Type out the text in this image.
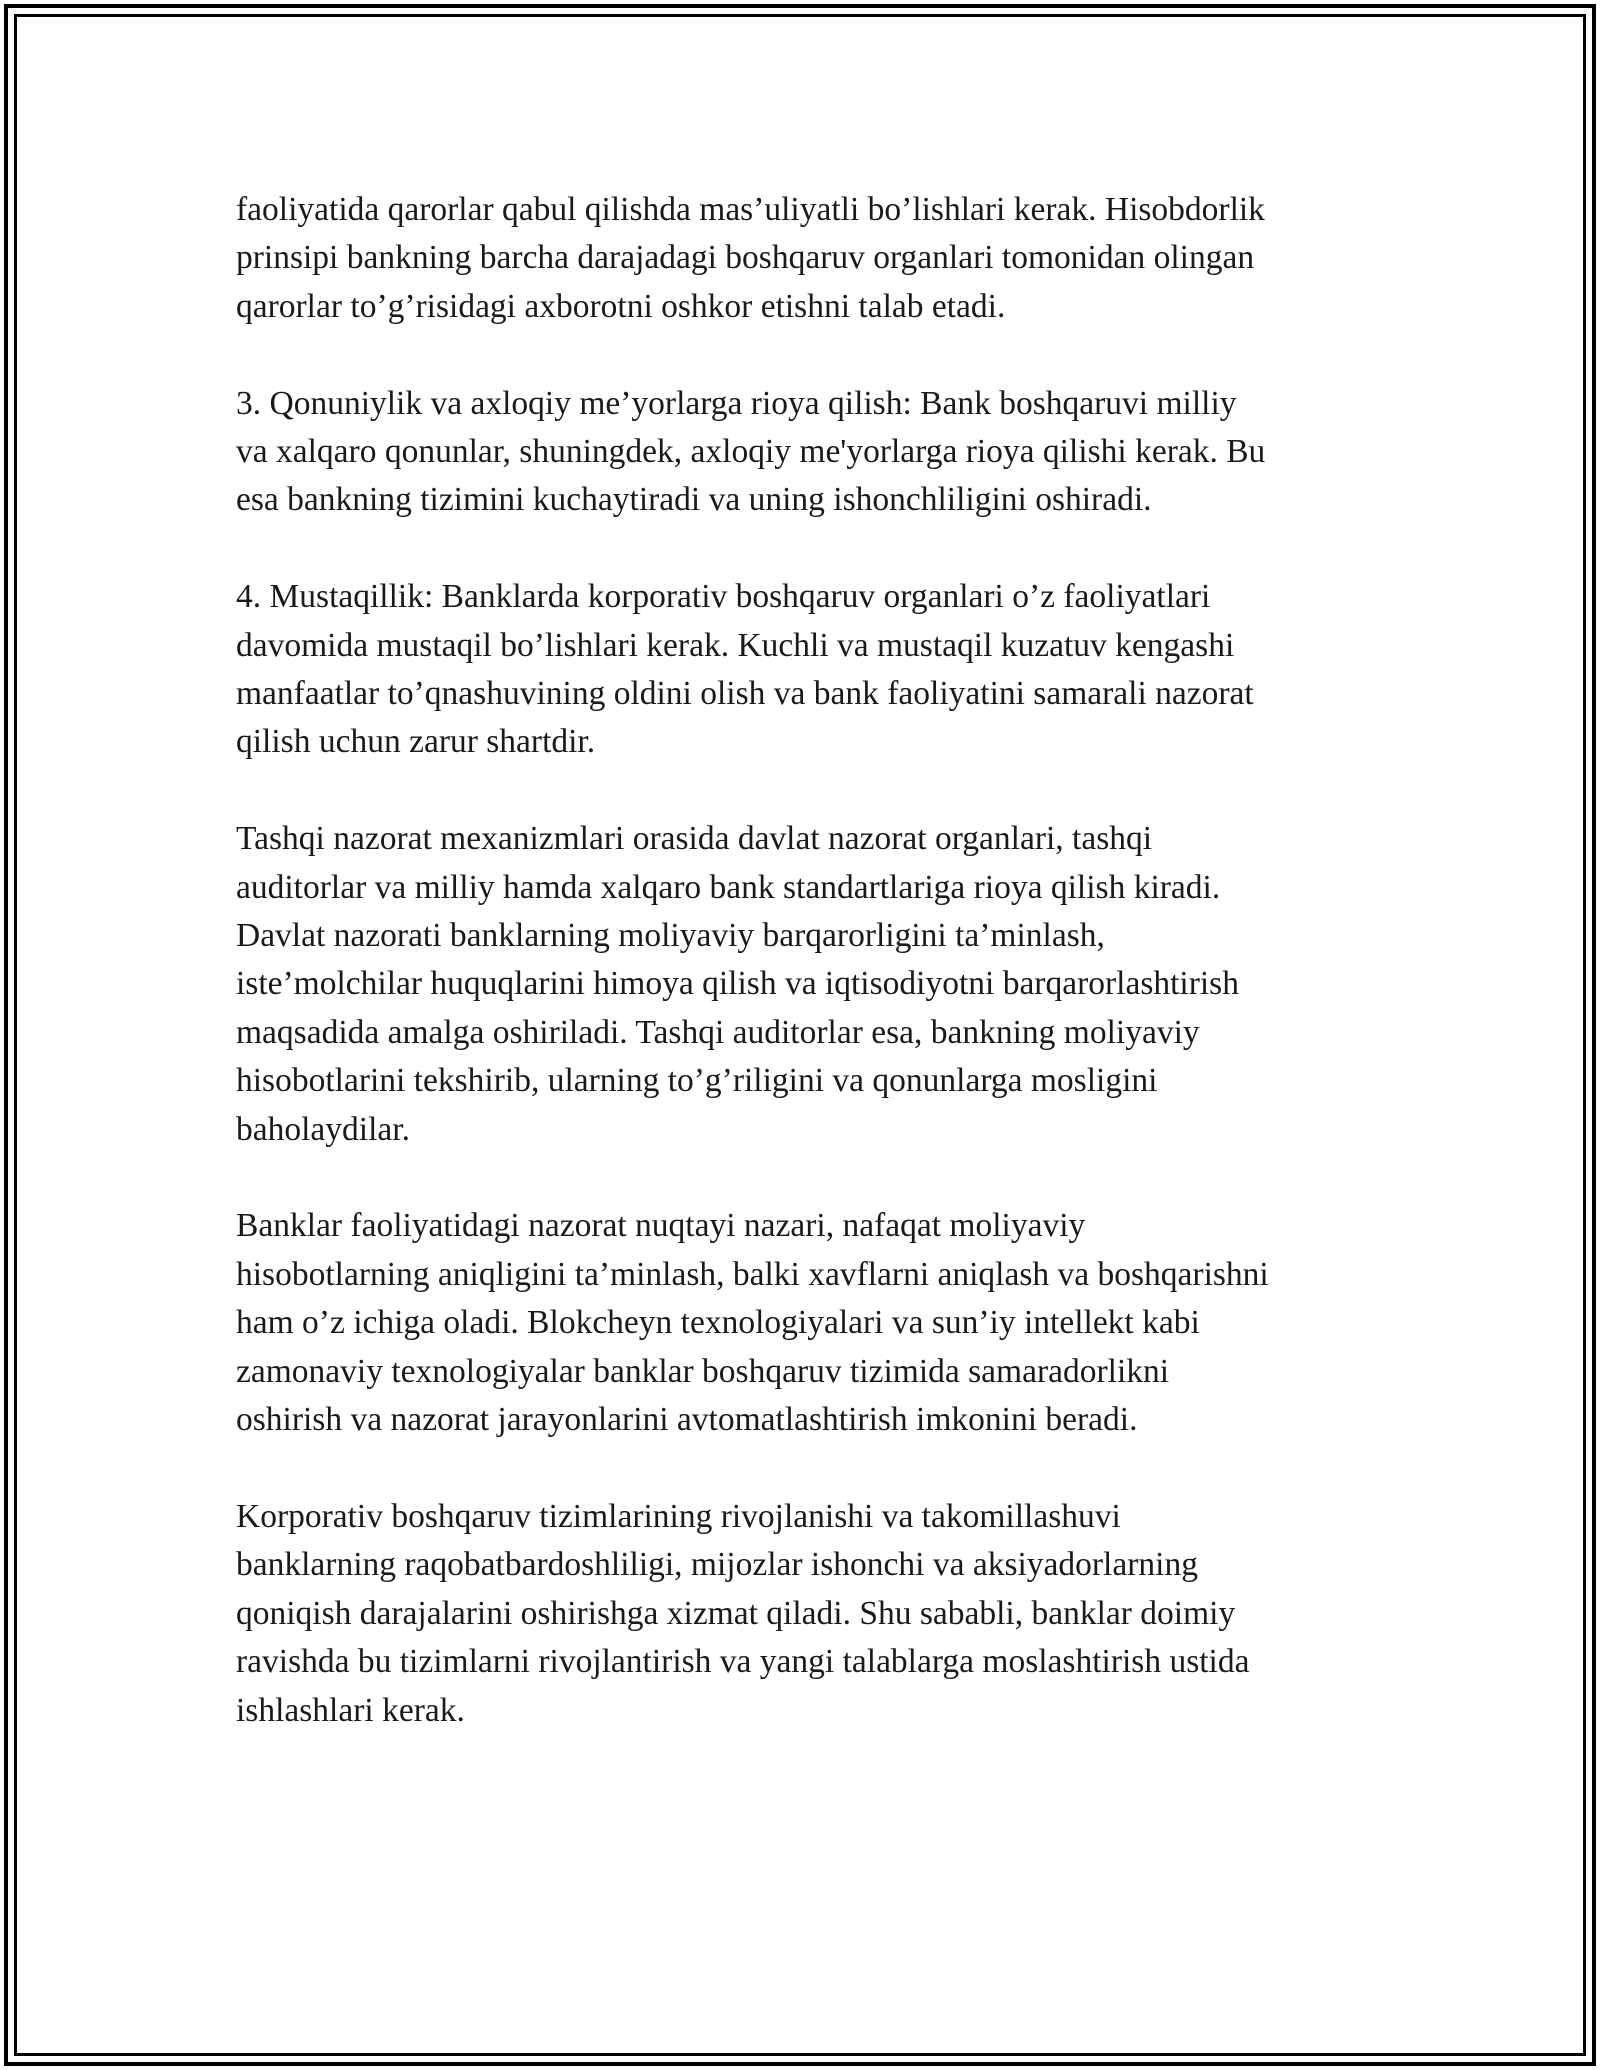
faoliyatida qarorlar qabul qilishda mas’uliyatli bo’lishlari kerak. Hisobdorlik
prinsipi bankning barcha darajadagi boshqaruv organlari tomonidan olingan
qarorlar to’g’risidagi axborotni oshkor etishni talab etadi.

3. Qonuniylik va axloqiy me’yorlarga rioya qilish: Bank boshqaruvi milliy
va xalqaro qonunlar, shuningdek, axloqiy me'yorlarga rioya qilishi kerak. Bu
esa bankning tizimini kuchaytiradi va uning ishonchliligini oshiradi.

4. Mustaqillik: Banklarda korporativ boshqaruv organlari o’z faoliyatlari
davomida mustaqil bo’lishlari kerak. Kuchli va mustaqil kuzatuv kengashi
manfaatlar to’qnashuvining oldini olish va bank faoliyatini samarali nazorat
qilish uchun zarur shartdir.

Tashqi nazorat mexanizmlari orasida davlat nazorat organlari, tashqi
auditorlar va milliy hamda xalqaro bank standartlariga rioya qilish kiradi.
Davlat nazorati banklarning moliyaviy barqarorligini ta’minlash,
iste’molchilar huquqlarini himoya qilish va iqtisodiyotni barqarorlashtirish
maqsadida amalga oshiriladi. Tashqi auditorlar esa, bankning moliyaviy
hisobotlarini tekshirib, ularning to’g’riligini va qonunlarga mosligini
baholaydilar.

Banklar faoliyatidagi nazorat nuqtayi nazari, nafaqat moliyaviy
hisobotlarning aniqligini ta’minlash, balki xavflarni aniqlash va boshqarishni
ham o’z ichiga oladi. Blokcheyn texnologiyalari va sun’iy intellekt kabi
zamonaviy texnologiyalar banklar boshqaruv tizimida samaradorlikni
oshirish va nazorat jarayonlarini avtomatlashtirish imkonini beradi.

Korporativ boshqaruv tizimlarining rivojlanishi va takomillashuvi
banklarning raqobatbardoshliligi, mijozlar ishonchi va aksiyadorlarning
qoniqish darajalarini oshirishga xizmat qiladi. Shu sababli, banklar doimiy
ravishda bu tizimlarni rivojlantirish va yangi talablarga moslashtirish ustida
ishlashlari kerak.
